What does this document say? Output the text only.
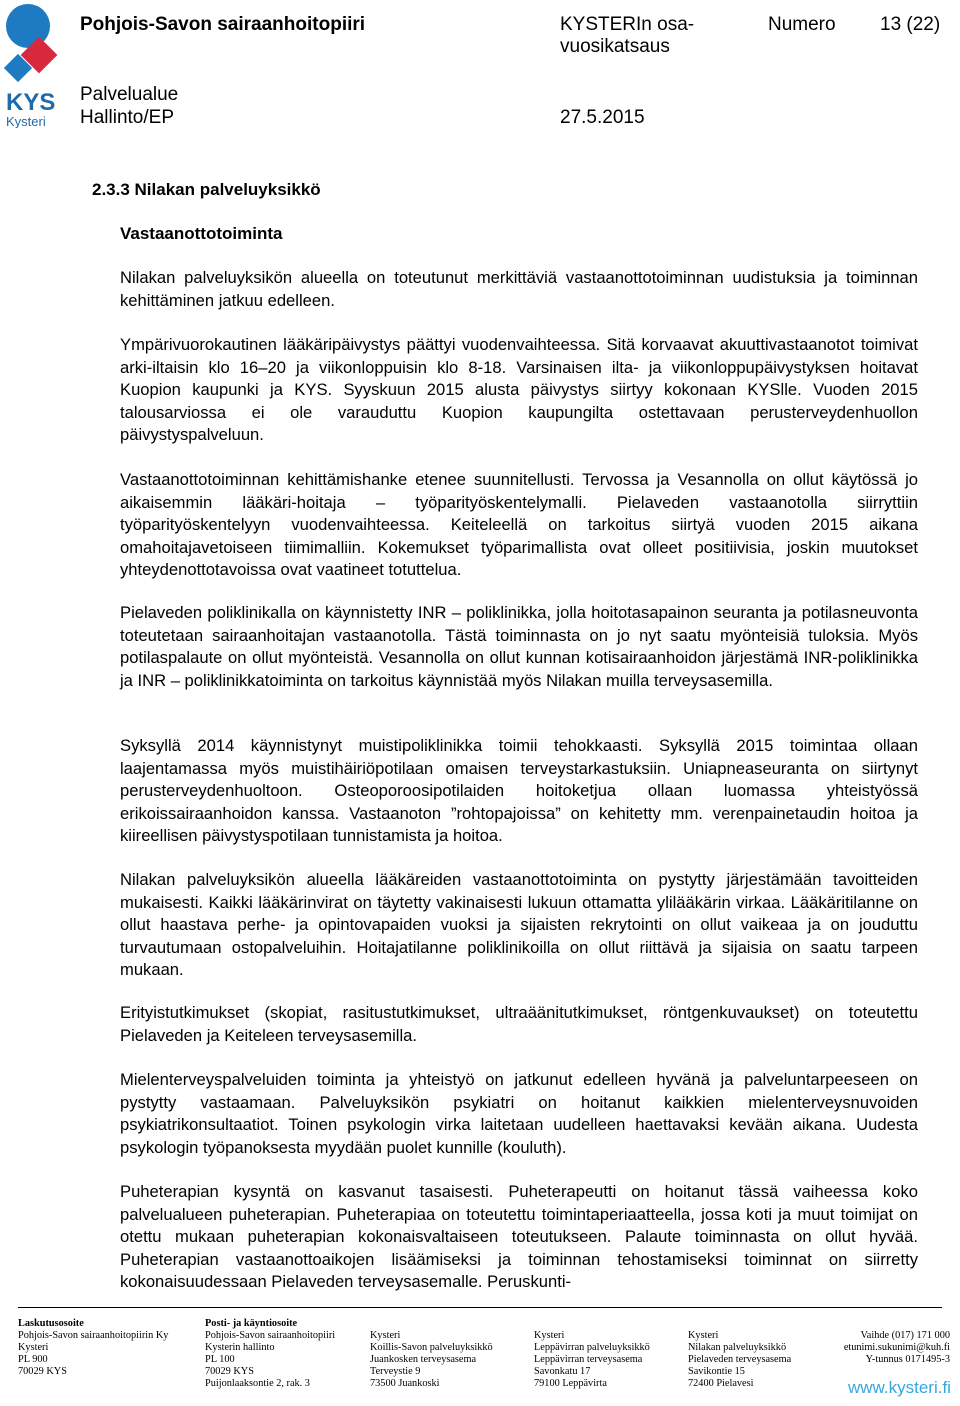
KYS
Kysteri
Pohjois-Savon sairaanhoitopiiri	KYSTERIn osa-vuosikatsaus
Numero 13 (22)
Palvelualue
Hallinto/EP	27.5.2015
2.3.3 Nilakan palveluyksikkö
Vastaanottotoiminta

Nilakan palveluyksikön alueella on toteutunut merkittäviä vastaanottotoiminnan uudistuksia ja toiminnan kehittäminen jatkuu edelleen.

Ympärivuorokautinen lääkäripäivystys päättyi vuodenvaihteessa. Sitä korvaavat akuuttivastaanotot toimivat arki-iltaisin klo 16–20 ja viikonloppuisin klo 8-18. Varsinaisen ilta- ja viikonloppupäivystyksen hoitavat Kuopion kaupunki ja KYS. Syyskuun 2015 alusta päivystys siirtyy kokonaan KYSlle. Vuoden 2015 talousarviossa ei ole varauduttu Kuopion kaupungilta ostettavaan perusterveydenhuollon päivystyspalveluun.

Vastaanottotoiminnan kehittämishanke etenee suunnitellusti. Tervossa ja Vesannolla on ollut käytössä jo aikaisemmin lääkäri-hoitaja – työparityöskentelymalli. Pielaveden vastaanotolla siirryttiin työparityöskentelyyn vuodenvaihteessa. Keiteleellä on tarkoitus siirtyä vuoden 2015 aikana omahoitajavetoiseen tiimimalliin. Kokemukset työparimallista ovat olleet positiivisia, joskin muutokset yhteydenottotavoissa ovat vaatineet totuttelua.

Pielaveden poliklinikalla on käynnistetty INR – poliklinikka, jolla hoitotasapainon seuranta ja potilasneuvonta toteutetaan sairaanhoitajan vastaanotolla. Tästä toiminnasta on jo nyt saatu myönteisiä tuloksia. Myös potilaspalaute on ollut myönteistä. Vesannolla on ollut kunnan kotisairaanhoidon järjestämä INR-poliklinikka ja INR – poliklinikkatoiminta on tarkoitus käynnistää myös Nilakan muilla terveysasemilla.

Syksyllä 2014 käynnistynyt muistipoliklinikka toimii tehokkaasti. Syksyllä 2015 toimintaa ollaan laajentamassa myös muistihäiriöpotilaan omaisen terveystarkastuksiin. Uniapneaseuranta on siirtynyt perusterveydenhuoltoon. Osteoporoosipotilaiden hoitoketjua ollaan luomassa yhteistyössä erikoissairaanhoidon kanssa. Vastaanoton ”rohtopajoissa” on kehitetty mm. verenpainetaudin hoitoa ja kiireellisen päivystyspotilaan tunnistamista ja hoitoa.

Nilakan palveluyksikön alueella lääkäreiden vastaanottotoiminta on pystytty järjestämään tavoitteiden mukaisesti. Kaikki lääkärinvirat on täytetty vakinaisesti lukuun ottamatta ylilääkärin virkaa. Lääkäritilanne on ollut haastava perhe- ja opintovapaiden vuoksi ja sijaisten rekrytointi on ollut vaikeaa ja on jouduttu turvautumaan ostopalveluihin. Hoitajatilanne poliklinikoilla on ollut riittävä ja sijaisia on saatu tarpeen mukaan.

Erityistutkimukset (skopiat, rasitustutkimukset, ultraäänitutkimukset, röntgenkuvaukset) on toteutettu Pielaveden ja Keiteleen terveysasemilla.

Mielenterveyspalveluiden toiminta ja yhteistyö on jatkunut edelleen hyvänä ja palveluntarpeeseen on pystytty vastaamaan. Palveluyksikön psykiatri on hoitanut kaikkien mielenterveysnuvoiden psykiatrikonsultaatiot. Toinen psykologin virka laitetaan uudelleen haettavaksi kevään aikana. Uudesta psykologin työpanoksesta myydään puolet kunnille (kouluth).

Puheterapian kysyntä on kasvanut tasaisesti. Puheterapeutti on hoitanut tässä vaiheessa koko palvelualueen puheterapian. Puheterapiaa on toteutettu toimintaperiaatteella, jossa koti ja muut toimijat on otettu mukaan puheterapian kokonaisvaltaiseen toteutukseen. Palaute toiminnasta on ollut hyvää. Puheterapian vastaanottoaikojen lisäämiseksi ja toiminnan tehostamiseksi toiminnat on siirretty kokonaisuudessaan Pielaveden terveysasemalle. Peruskunti-

Laskutusosoite
Pohjois-Savon sairaanhoitopiirin Ky
Kysteri
PL 900
70029 KYS
Posti- ja käyntiosoite
Pohjois-Savon sairaanhoitopiiri
Kysterin hallinto
PL 100
70029 KYS
Puijonlaaksontie 2, rak. 3
Kysteri
Koillis-Savon palveluyksikkö
Juankosken terveysasema
Terveystie 9
73500 Juankoski
Kysteri
Leppävirran palveluyksikkö
Leppävirran terveysasema
Savonkatu 17
79100 Leppävirta
Kysteri
Nilakan palveluyksikkö
Pielaveden terveysasema
Savikontie 15
72400 Pielavesi
Vaihde (017) 171 000
etunimi.sukunimi@kuh.fi
Y-tunnus 0171495-3
www.kysteri.fi
